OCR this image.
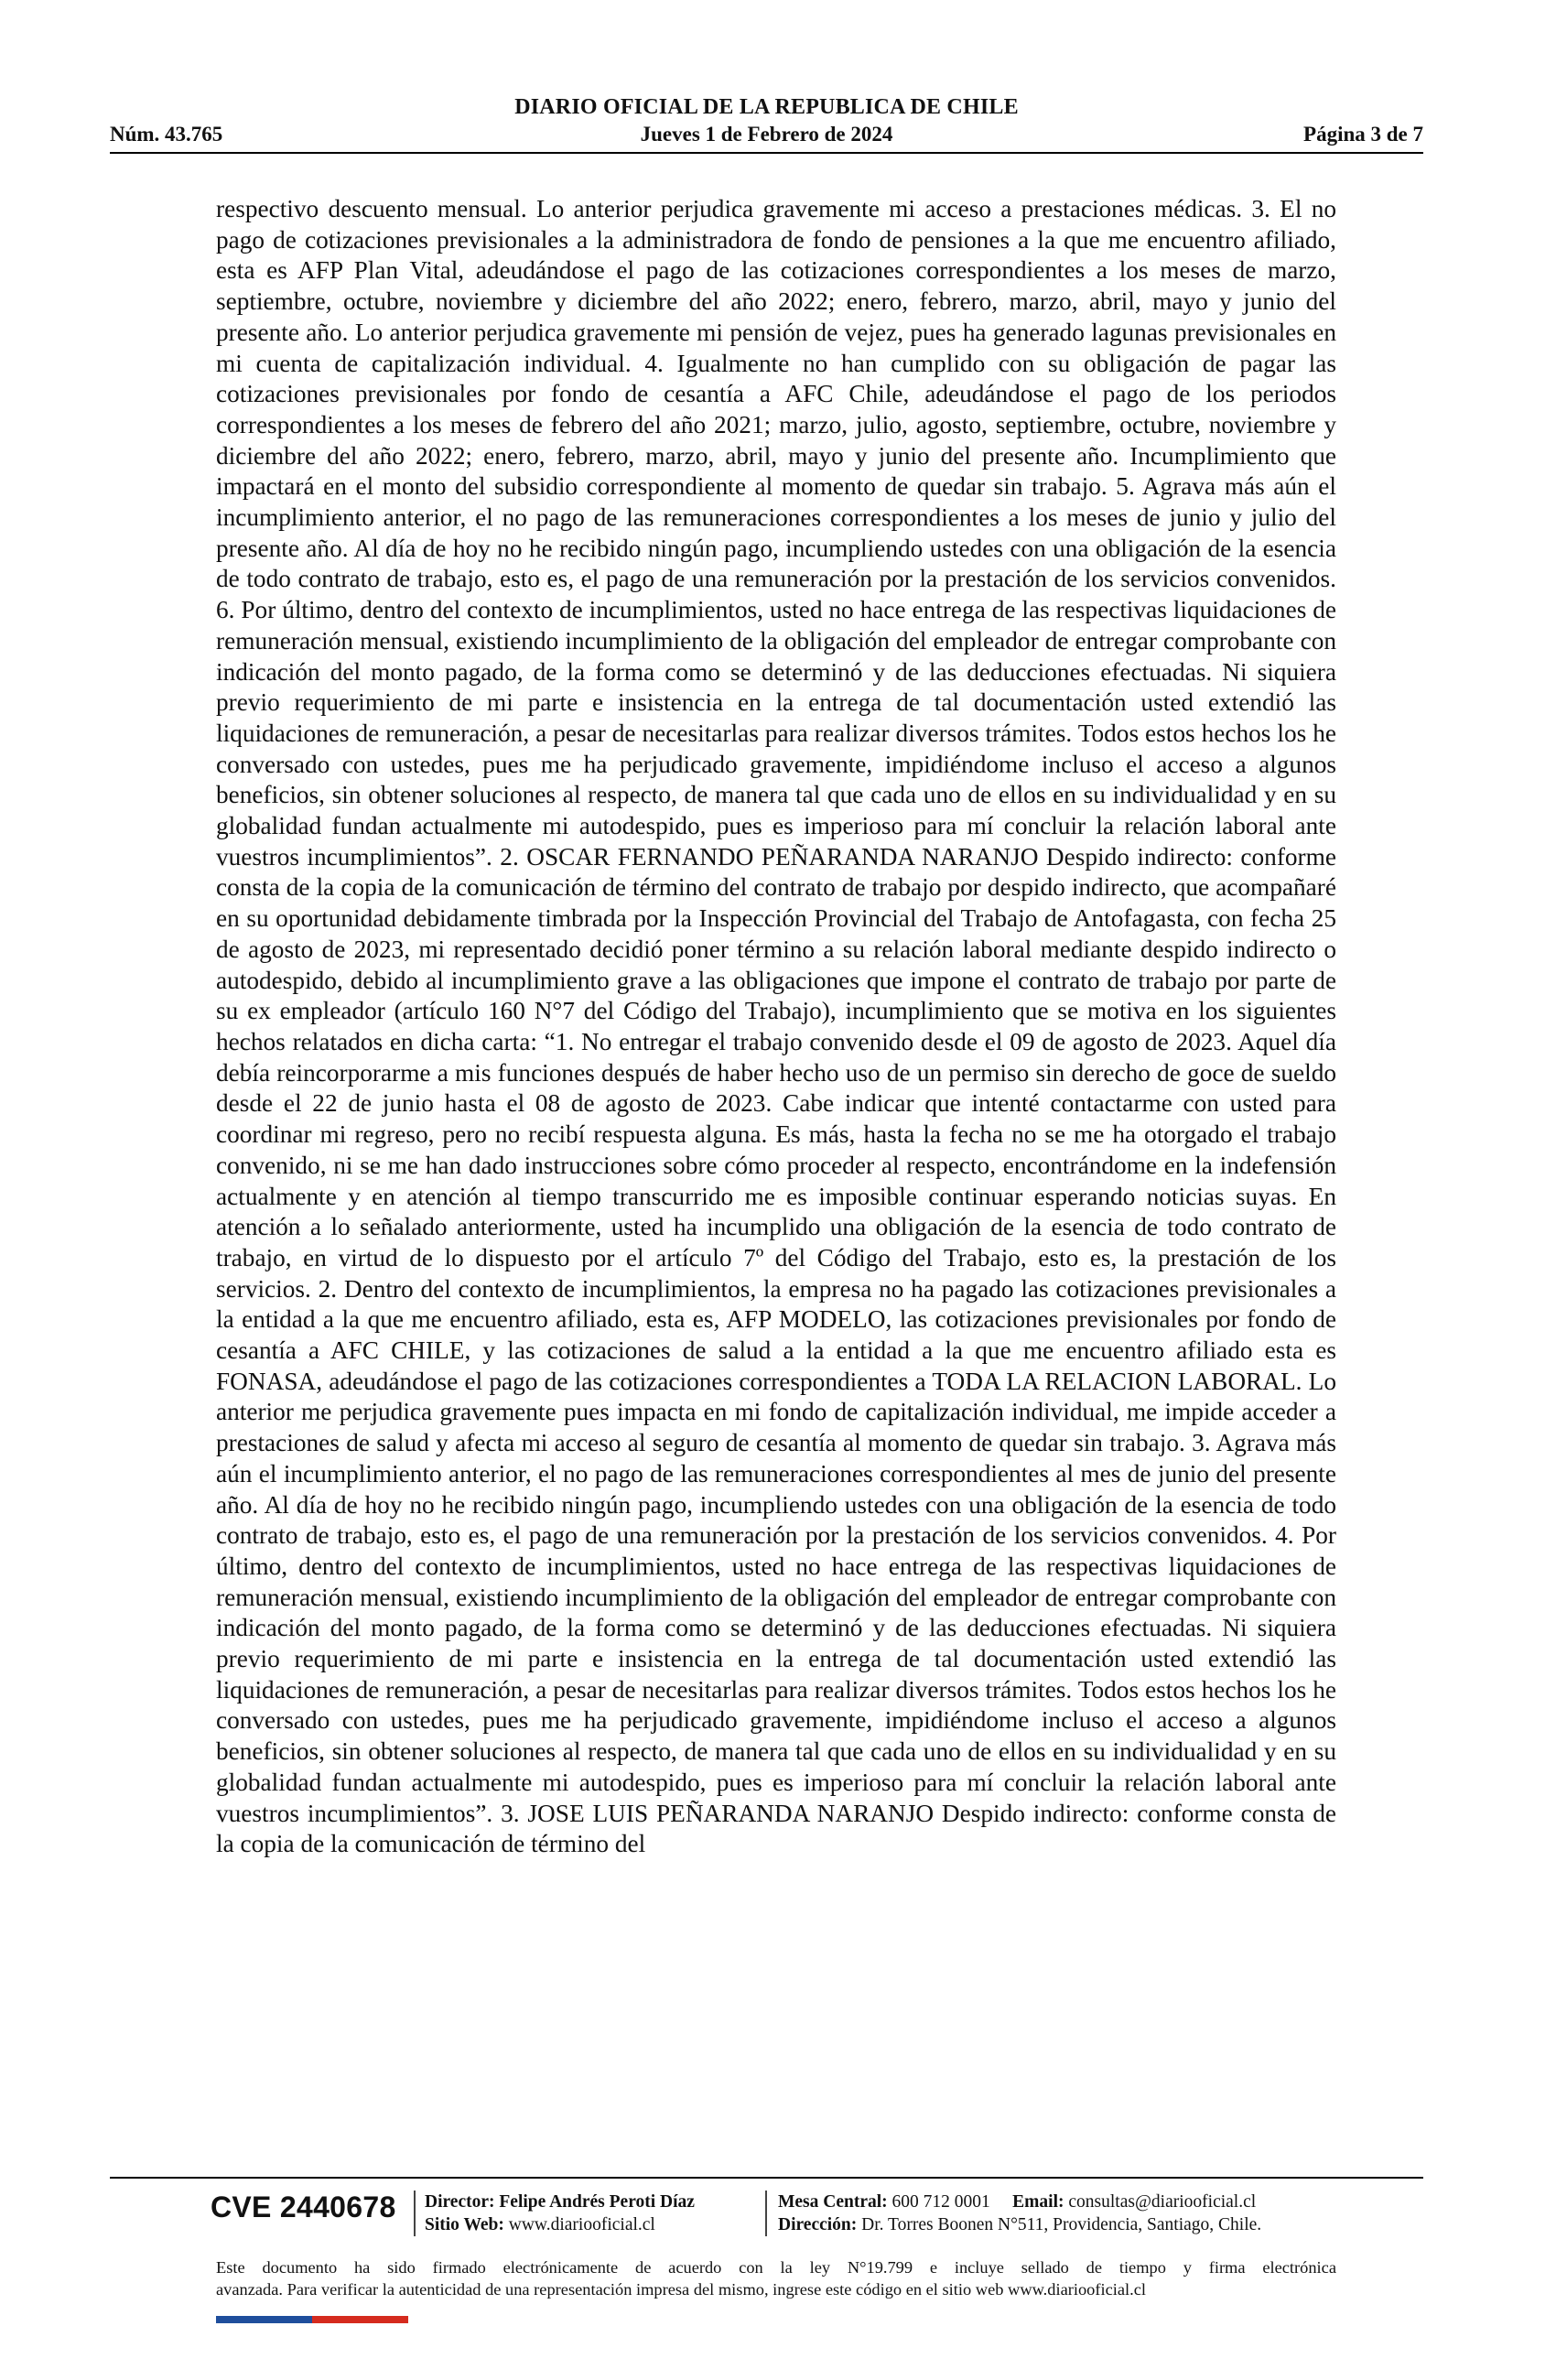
DIARIO OFICIAL DE LA REPUBLICA DE CHILE
Núm. 43.765	Jueves 1 de Febrero de 2024	Página 3 de 7

respectivo descuento mensual. Lo anterior perjudica gravemente mi acceso a prestaciones médicas. 3. El no pago de cotizaciones previsionales a la administradora de fondo de pensiones a la que me encuentro afiliado, esta es AFP Plan Vital, adeudándose el pago de las cotizaciones correspondientes a los meses de marzo, septiembre, octubre, noviembre y diciembre del año 2022; enero, febrero, marzo, abril, mayo y junio del presente año. Lo anterior perjudica gravemente mi pensión de vejez, pues ha generado lagunas previsionales en mi cuenta de capitalización individual. 4. Igualmente no han cumplido con su obligación de pagar las cotizaciones previsionales por fondo de cesantía a AFC Chile, adeudándose el pago de los periodos correspondientes a los meses de febrero del año 2021; marzo, julio, agosto, septiembre, octubre, noviembre y diciembre del año 2022; enero, febrero, marzo, abril, mayo y junio del presente año. Incumplimiento que impactará en el monto del subsidio correspondiente al momento de quedar sin trabajo. 5. Agrava más aún el incumplimiento anterior, el no pago de las remuneraciones correspondientes a los meses de junio y julio del presente año. Al día de hoy no he recibido ningún pago, incumpliendo ustedes con una obligación de la esencia de todo contrato de trabajo, esto es, el pago de una remuneración por la prestación de los servicios convenidos. 6. Por último, dentro del contexto de incumplimientos, usted no hace entrega de las respectivas liquidaciones de remuneración mensual, existiendo incumplimiento de la obligación del empleador de entregar comprobante con indicación del monto pagado, de la forma como se determinó y de las deducciones efectuadas. Ni siquiera previo requerimiento de mi parte e insistencia en la entrega de tal documentación usted extendió las liquidaciones de remuneración, a pesar de necesitarlas para realizar diversos trámites. Todos estos hechos los he conversado con ustedes, pues me ha perjudicado gravemente, impidiéndome incluso el acceso a algunos beneficios, sin obtener soluciones al respecto, de manera tal que cada uno de ellos en su individualidad y en su globalidad fundan actualmente mi autodespido, pues es imperioso para mí concluir la relación laboral ante vuestros incumplimientos”. 2. OSCAR FERNANDO PEÑARANDA NARANJO Despido indirecto: conforme consta de la copia de la comunicación de término del contrato de trabajo por despido indirecto, que acompañaré en su oportunidad debidamente timbrada por la Inspección Provincial del Trabajo de Antofagasta, con fecha 25 de agosto de 2023, mi representado decidió poner término a su relación laboral mediante despido indirecto o autodespido, debido al incumplimiento grave a las obligaciones que impone el contrato de trabajo por parte de su ex empleador (artículo 160 N°7 del Código del Trabajo), incumplimiento que se motiva en los siguientes hechos relatados en dicha carta: “1. No entregar el trabajo convenido desde el 09 de agosto de 2023. Aquel día debía reincorporarme a mis funciones después de haber hecho uso de un permiso sin derecho de goce de sueldo desde el 22 de junio hasta el 08 de agosto de 2023. Cabe indicar que intenté contactarme con usted para coordinar mi regreso, pero no recibí respuesta alguna. Es más, hasta la fecha no se me ha otorgado el trabajo convenido, ni se me han dado instrucciones sobre cómo proceder al respecto, encontrándome en la indefensión actualmente y en atención al tiempo transcurrido me es imposible continuar esperando noticias suyas. En atención a lo señalado anteriormente, usted ha incumplido una obligación de la esencia de todo contrato de trabajo, en virtud de lo dispuesto por el artículo 7º del Código del Trabajo, esto es, la prestación de los servicios. 2. Dentro del contexto de incumplimientos, la empresa no ha pagado las cotizaciones previsionales a la entidad a la que me encuentro afiliado, esta es, AFP MODELO, las cotizaciones previsionales por fondo de cesantía a AFC CHILE, y las cotizaciones de salud a la entidad a la que me encuentro afiliado esta es FONASA, adeudándose el pago de las cotizaciones correspondientes a TODA LA RELACION LABORAL. Lo anterior me perjudica gravemente pues impacta en mi fondo de capitalización individual, me impide acceder a prestaciones de salud y afecta mi acceso al seguro de cesantía al momento de quedar sin trabajo. 3. Agrava más aún el incumplimiento anterior, el no pago de las remuneraciones correspondientes al mes de junio del presente año. Al día de hoy no he recibido ningún pago, incumpliendo ustedes con una obligación de la esencia de todo contrato de trabajo, esto es, el pago de una remuneración por la prestación de los servicios convenidos. 4. Por último, dentro del contexto de incumplimientos, usted no hace entrega de las respectivas liquidaciones de remuneración mensual, existiendo incumplimiento de la obligación del empleador de entregar comprobante con indicación del monto pagado, de la forma como se determinó y de las deducciones efectuadas. Ni siquiera previo requerimiento de mi parte e insistencia en la entrega de tal documentación usted extendió las liquidaciones de remuneración, a pesar de necesitarlas para realizar diversos trámites. Todos estos hechos los he conversado con ustedes, pues me ha perjudicado gravemente, impidiéndome incluso el acceso a algunos beneficios, sin obtener soluciones al respecto, de manera tal que cada uno de ellos en su individualidad y en su globalidad fundan actualmente mi autodespido, pues es imperioso para mí concluir la relación laboral ante vuestros incumplimientos”. 3. JOSE LUIS PEÑARANDA NARANJO Despido indirecto: conforme consta de la copia de la comunicación de término del

CVE 2440678	Director: Felipe Andrés Peroti Díaz
Sitio Web: www.diariooficial.cl
Mesa Central: 600 712 0001 Email: consultas@diariooficial.cl
Dirección: Dr. Torres Boonen N°511, Providencia, Santiago, Chile.

Este documento ha sido firmado electrónicamente de acuerdo con la ley N°19.799 e incluye sellado de tiempo y firma electrónica
avanzada. Para verificar la autenticidad de una representación impresa del mismo, ingrese este código en el sitio web www.diariooficial.cl
